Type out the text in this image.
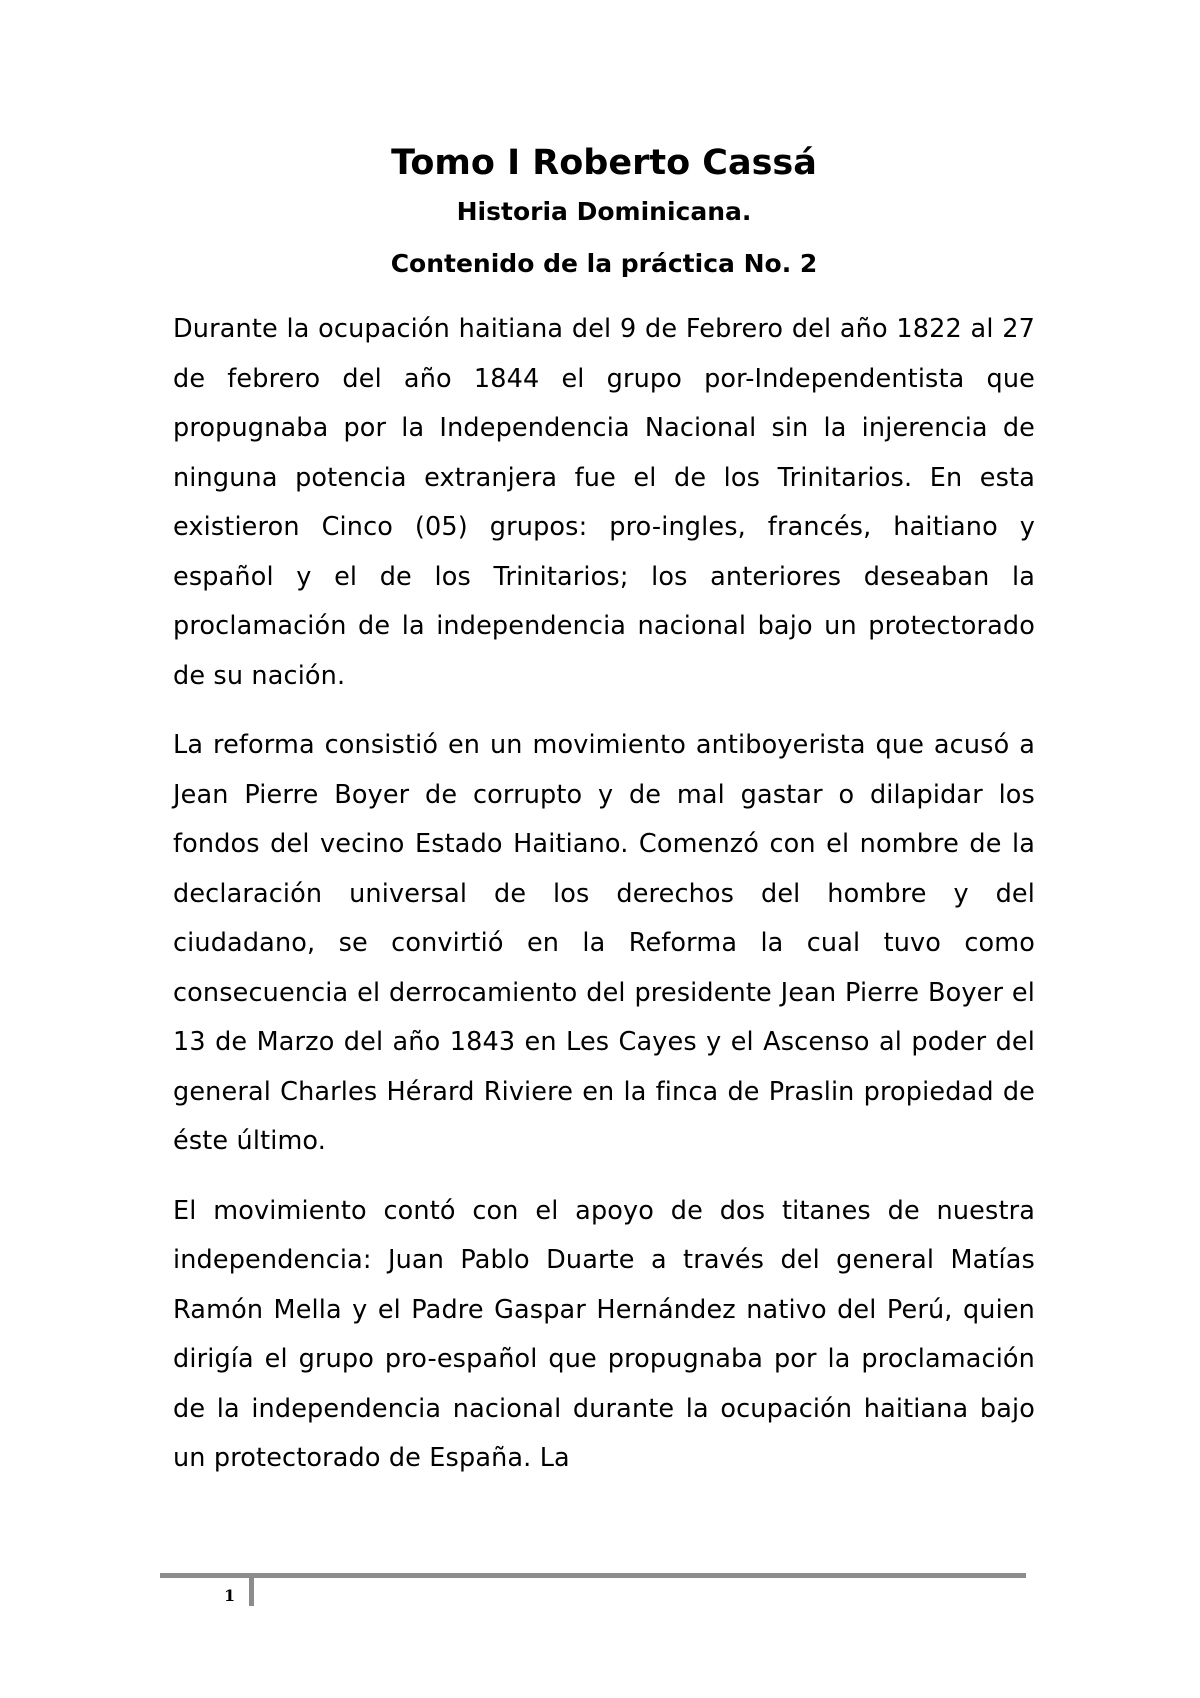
Tomo I Roberto Cassá
Historia Dominicana.
Contenido de la práctica No. 2

Durante la ocupación haitiana del 9 de Febrero del año 1822 al 27 de febrero del año 1844 el grupo por-Independentista que propugnaba por la Independencia Nacional sin la injerencia de ninguna potencia extranjera fue el de los Trinitarios. En esta existieron Cinco (05) grupos: pro-ingles, francés, haitiano y español y el de los Trinitarios; los anteriores deseaban la proclamación de la independencia nacional bajo un protectorado de su nación.

La reforma consistió en un movimiento antiboyerista que acusó a Jean Pierre Boyer de corrupto y de mal gastar o dilapidar los fondos del vecino Estado Haitiano. Comenzó con el nombre de la declaración universal de los derechos del hombre y del ciudadano, se convirtió en la Reforma la cual tuvo como consecuencia el derrocamiento del presidente Jean Pierre Boyer el 13 de Marzo del año 1843 en Les Cayes y el Ascenso al poder del general Charles Hérard Riviere en la finca de Praslin propiedad de éste último.

El movimiento contó con el apoyo de dos titanes de nuestra independencia: Juan Pablo Duarte a través del general Matías Ramón Mella y el Padre Gaspar Hernández nativo del Perú, quien dirigía el grupo pro-español que propugnaba por la proclamación de la independencia nacional durante la ocupación haitiana bajo un protectorado de España. La

1
